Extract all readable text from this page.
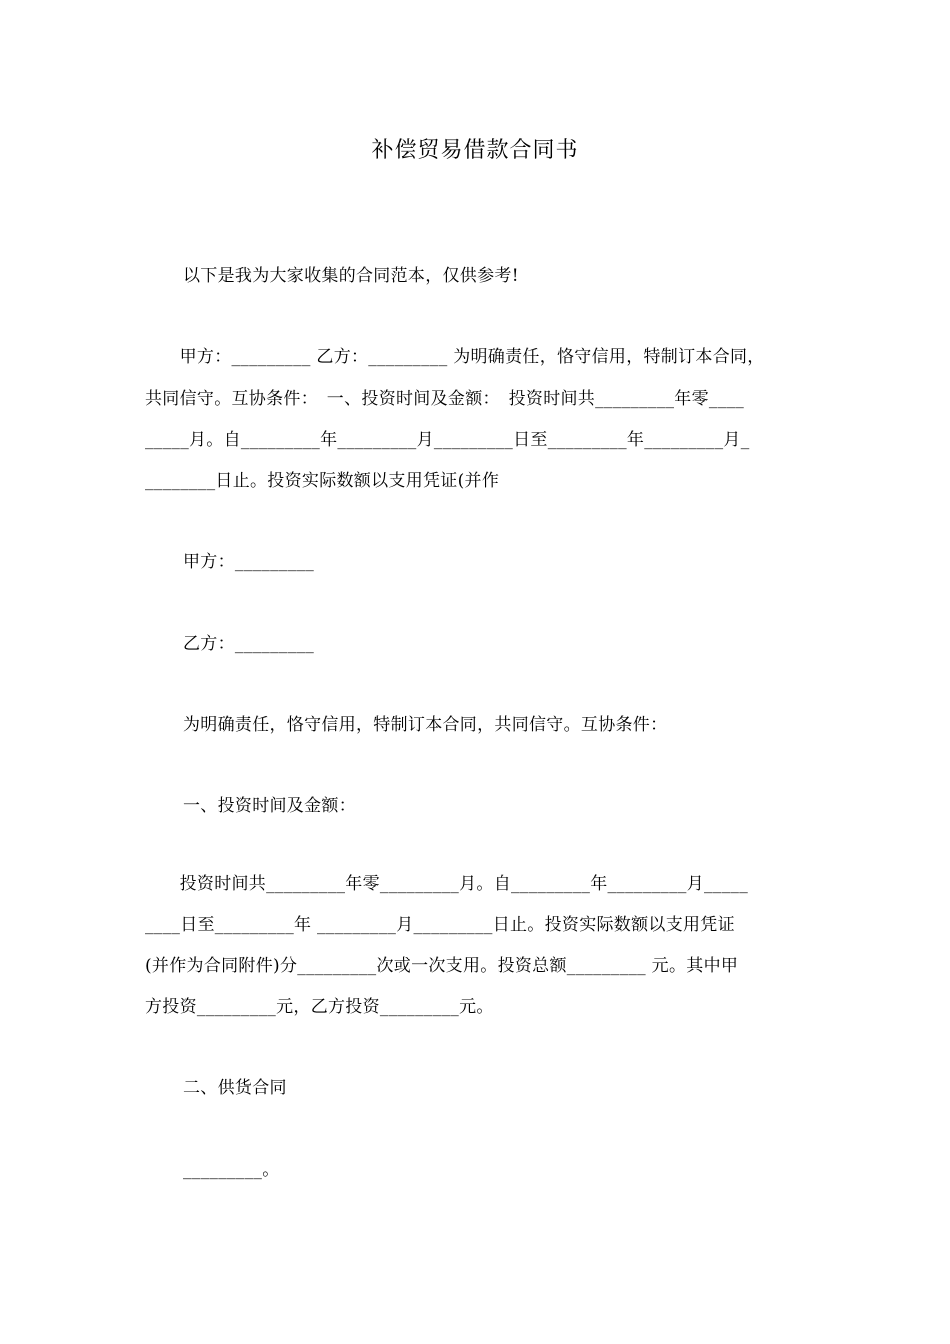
补偿贸易借款合同书
以下是我为大家收集的合同范本，仅供参考!
　　甲方：_________ 乙方：_________ 为明确责任，恪守信用，特制订本合同，
共同信守。互协条件：　一、投资时间及金额：　投资时间共_________年零____
_____月。自_________年_________月_________日至_________年_________月_
________日止。投资实际数额以支用凭证(并作
甲方：_________
乙方：_________
为明确责任，恪守信用，特制订本合同，共同信守。互协条件：
一、投资时间及金额：
　　投资时间共_________年零_________月。自_________年_________月_____
____日至_________年 _________月_________日止。投资实际数额以支用凭证
(并作为合同附件)分_________次或一次支用。投资总额_________ 元。其中甲
方投资_________元，乙方投资_________元。
二、供货合同
_________。
